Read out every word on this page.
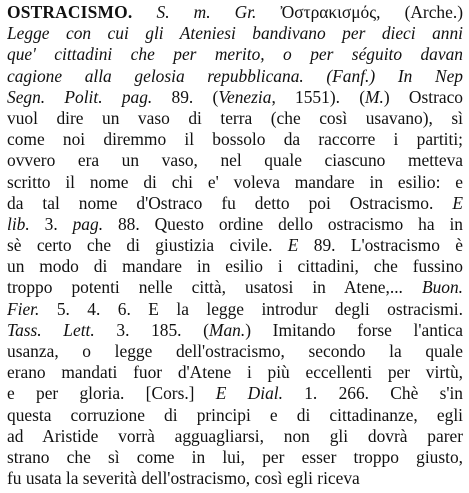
OSTRACISMO. S. m. Gr. Ὀστρακισμός, (Arche.)
Legge con cui gli Ateniesi bandivano per dieci anni
que' cittadini che per merito, o per séguito davan
cagione alla gelosia repubblicana. (Fanf.) In Nep
Segn. Polit. pag. 89. (Venezia, 1551). (M.) Ostraco
vuol dire un vaso di terra (che così usavano), sì
come noi diremmo il bossolo da raccorre i partiti;
ovvero era un vaso, nel quale ciascuno metteva
scritto il nome di chi e' voleva mandare in esilio: e
da tal nome d'Ostraco fu detto poi Ostracismo. E
lib. 3. pag. 88. Questo ordine dello ostracismo ha in
sè certo che di giustizia civile. E 89. L'ostracismo è
un modo di mandare in esilio i cittadini, che fussino
troppo potenti nelle città, usatosi in Atene,... Buon.
Fier. 5. 4. 6. E la legge introdur degli ostracismi.
Tass. Lett. 3. 185. (Man.) Imitando forse l'antica
usanza, o legge dell'ostracismo, secondo la quale
erano mandati fuor d'Atene i più eccellenti per virtù,
e per gloria. [Cors.] E Dial. 1. 266. Chè s'in
questa corruzione di principi e di cittadinanze, egli
ad Aristide vorrà agguagliarsi, non gli dovrà parer
strano che sì come in lui, per esser troppo giusto,
fu usata la severità dell'ostracismo, così egli riceva
